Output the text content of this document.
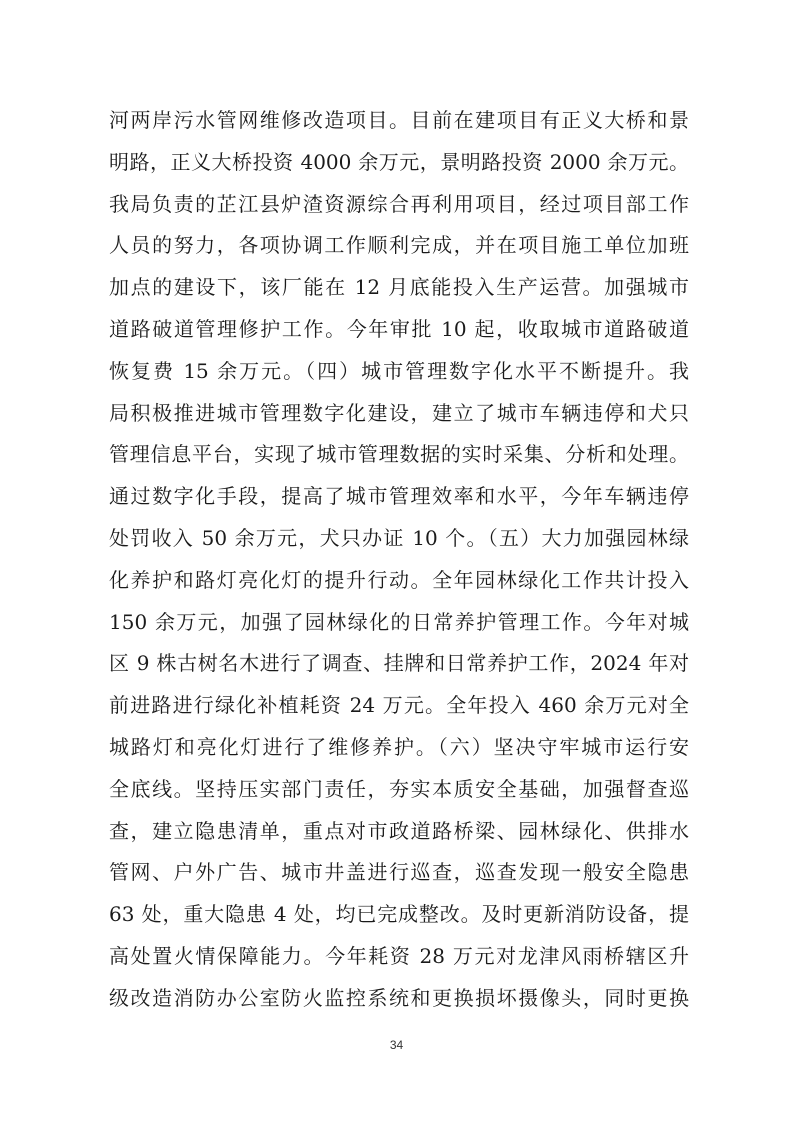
河两岸污水管网维修改造项目。目前在建项目有正义大桥和景
明路，正义大桥投资 4000 余万元，景明路投资 2000 余万元。
我局负责的芷江县炉渣资源综合再利用项目，经过项目部工作
人员的努力，各项协调工作顺利完成，并在项目施工单位加班
加点的建设下，该厂能在 12 月底能投入生产运营。加强城市
道路破道管理修护工作。今年审批 10 起，收取城市道路破道
恢复费 15 余万元。（四）城市管理数字化水平不断提升。我
局积极推进城市管理数字化建设，建立了城市车辆违停和犬只
管理信息平台，实现了城市管理数据的实时采集、分析和处理。
通过数字化手段，提高了城市管理效率和水平，今年车辆违停
处罚收入 50 余万元，犬只办证 10 个。（五）大力加强园林绿
化养护和路灯亮化灯的提升行动。全年园林绿化工作共计投入
150 余万元，加强了园林绿化的日常养护管理工作。今年对城
区 9 株古树名木进行了调查、挂牌和日常养护工作，2024 年对
前进路进行绿化补植耗资 24 万元。全年投入 460 余万元对全
城路灯和亮化灯进行了维修养护。（六）坚决守牢城市运行安
全底线。坚持压实部门责任，夯实本质安全基础，加强督查巡
查，建立隐患清单，重点对市政道路桥梁、园林绿化、供排水
管网、户外广告、城市井盖进行巡查，巡查发现一般安全隐患
63 处，重大隐患 4 处，均已完成整改。及时更新消防设备，提
高处置火情保障能力。今年耗资 28 万元对龙津风雨桥辖区升
级改造消防办公室防火监控系统和更换损坏摄像头，同时更换
34
